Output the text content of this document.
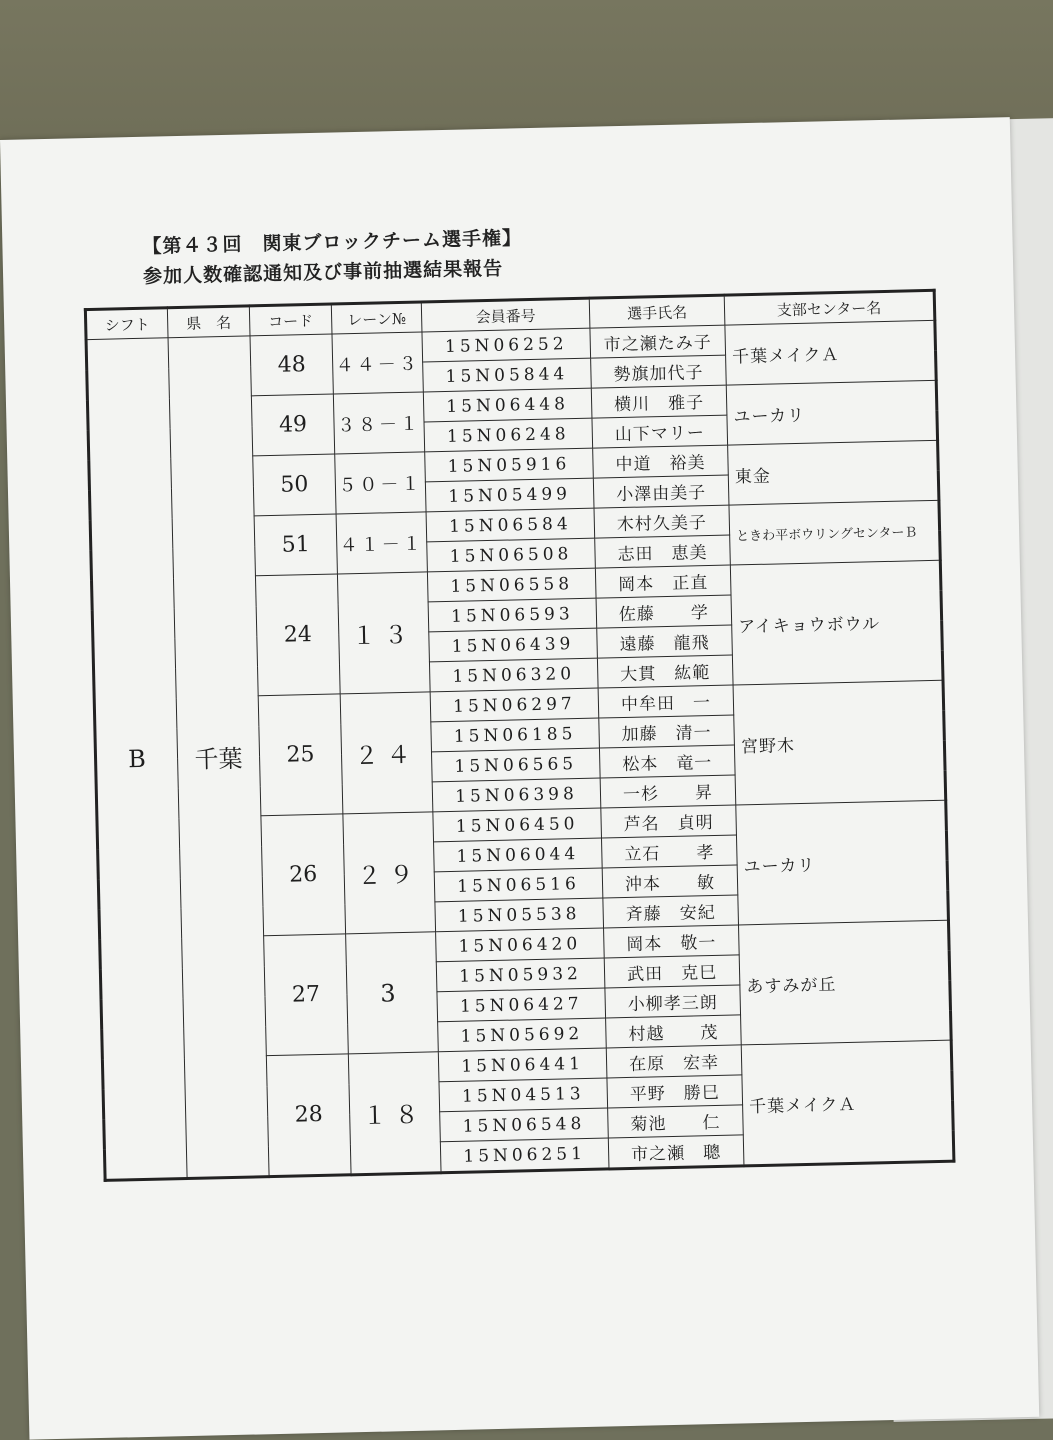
【第４３回　関東ブロックチーム選手権】
参加人数確認通知及び事前抽選結果報告
シフト	県　名	コード	レーン№	会員番号	選手氏名	支部センター名
B	千葉	48	４４－３	15N06252	市之瀬たみ子	千葉メイクＡ
				15N05844	勢旗加代子	
		49	３８－１	15N06448	横川　雅子	ユーカリ
				15N06248	山下マリー	
		50	５０－１	15N05916	中道　裕美	東金
				15N05499	小澤由美子	
		51	４１－１	15N06584	木村久美子	ときわ平ボウリングセンターＢ
				15N06508	志田　恵美	
		24	１３	15N06558	岡本　正直	アイキョウボウル
				15N06593	佐藤　　学	
				15N06439	遠藤　龍飛	
				15N06320	大貫　紘範	
		25	２４	15N06297	中牟田　一	宮野木
				15N06185	加藤　清一	
				15N06565	松本　竜一	
				15N06398	一杉　　昇	
		26	２９	15N06450	芦名　貞明	ユーカリ
				15N06044	立石　　孝	
				15N06516	沖本　　敏	
				15N05538	斉藤　安紀	
		27	3	15N06420	岡本　敬一	あすみが丘
				15N05932	武田　克巳	
				15N06427	小柳孝三朗	
				15N05692	村越　　茂	
		28	１８	15N06441	在原　宏幸	千葉メイクＡ
				15N04513	平野　勝巳	
				15N06548	菊池　　仁	
				15N06251	市之瀬　聰	
